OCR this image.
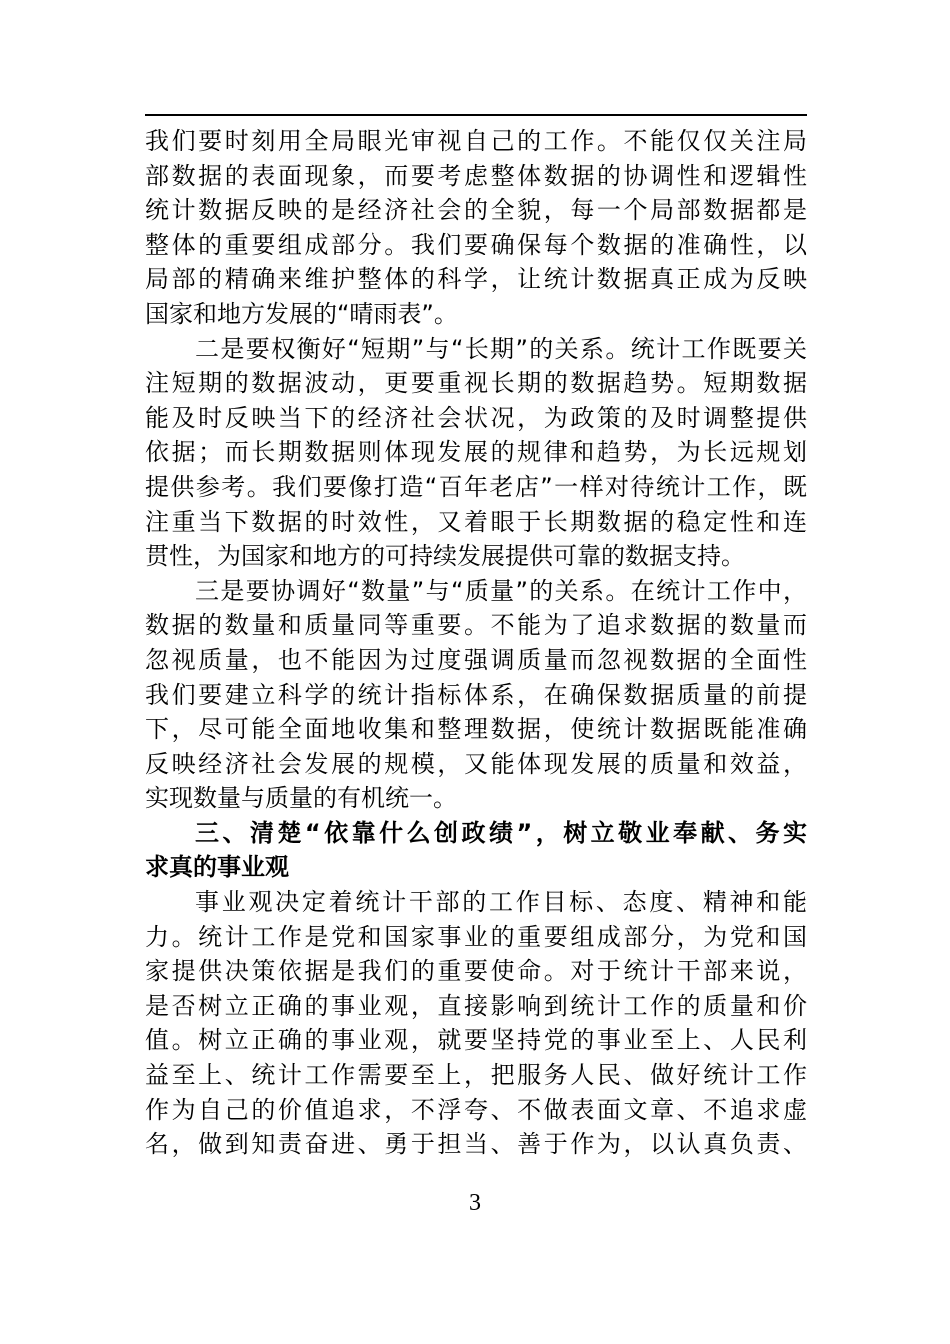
我们要时刻用全局眼光审视自己的工作。不能仅仅关注局
部数据的表面现象，而要考虑整体数据的协调性和逻辑性
统计数据反映的是经济社会的全貌，每一个局部数据都是
整体的重要组成部分。我们要确保每个数据的准确性，以
局部的精确来维护整体的科学，让统计数据真正成为反映
国家和地方发展的“晴雨表”。
二是要权衡好“短期”与“长期”的关系。统计工作既要关
注短期的数据波动，更要重视长期的数据趋势。短期数据
能及时反映当下的经济社会状况，为政策的及时调整提供
依据；而长期数据则体现发展的规律和趋势，为长远规划
提供参考。我们要像打造“百年老店”一样对待统计工作，既
注重当下数据的时效性，又着眼于长期数据的稳定性和连
贯性，为国家和地方的可持续发展提供可靠的数据支持。
三是要协调好“数量”与“质量”的关系。在统计工作中，
数据的数量和质量同等重要。不能为了追求数据的数量而
忽视质量，也不能因为过度强调质量而忽视数据的全面性
我们要建立科学的统计指标体系，在确保数据质量的前提
下，尽可能全面地收集和整理数据，使统计数据既能准确
反映经济社会发展的规模，又能体现发展的质量和效益，
实现数量与质量的有机统一。
三、清楚“依靠什么创政绩”，树立敬业奉献、务实
求真的事业观
事业观决定着统计干部的工作目标、态度、精神和能
力。统计工作是党和国家事业的重要组成部分，为党和国
家提供决策依据是我们的重要使命。对于统计干部来说，
是否树立正确的事业观，直接影响到统计工作的质量和价
值。树立正确的事业观，就要坚持党的事业至上、人民利
益至上、统计工作需要至上，把服务人民、做好统计工作
作为自己的价值追求，不浮夸、不做表面文章、不追求虚
名，做到知责奋进、勇于担当、善于作为，以认真负责、
3
